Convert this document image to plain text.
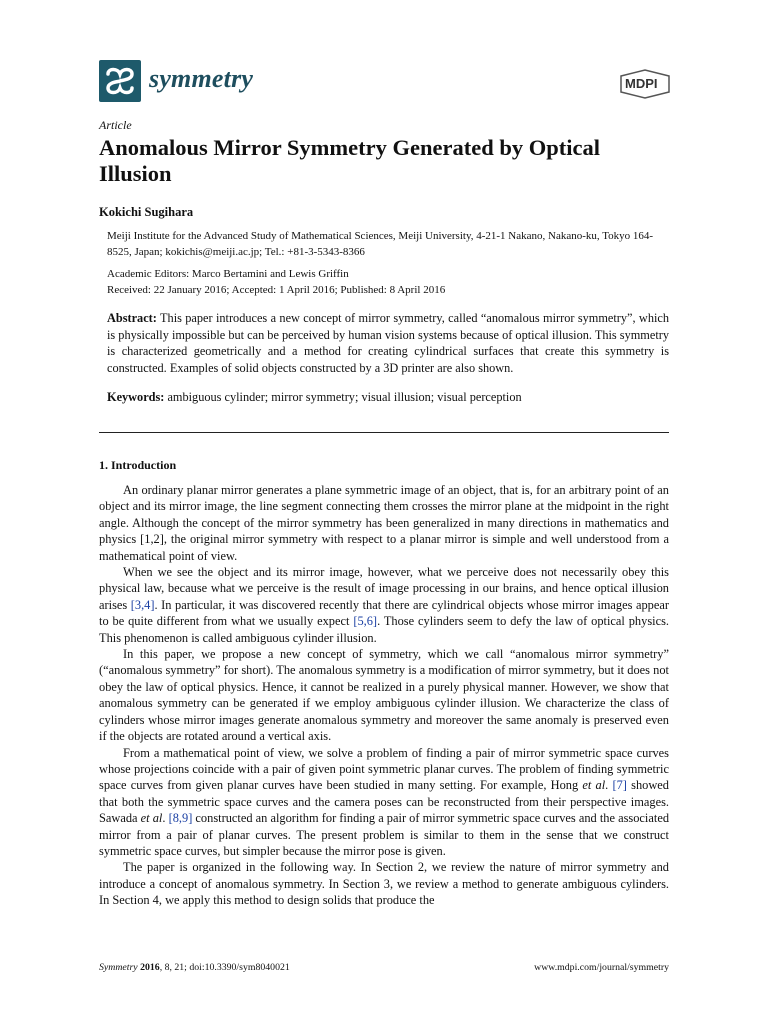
symmetry	MDPI

Article

Anomalous Mirror Symmetry Generated by Optical Illusion

Kokichi Sugihara

Meiji Institute for the Advanced Study of Mathematical Sciences, Meiji University, 4-21-1 Nakano, Nakano-ku, Tokyo 164-8525, Japan; kokichis@meiji.ac.jp; Tel.: +81-3-5343-8366

Academic Editors: Marco Bertamini and Lewis Griffin
Received: 22 January 2016; Accepted: 1 April 2016; Published: 8 April 2016

Abstract: This paper introduces a new concept of mirror symmetry, called “anomalous mirror symmetry”, which is physically impossible but can be perceived by human vision systems because of optical illusion. This symmetry is characterized geometrically and a method for creating cylindrical surfaces that create this symmetry is constructed. Examples of solid objects constructed by a 3D printer are also shown.

Keywords: ambiguous cylinder; mirror symmetry; visual illusion; visual perception

1. Introduction

An ordinary planar mirror generates a plane symmetric image of an object, that is, for an arbitrary point of an object and its mirror image, the line segment connecting them crosses the mirror plane at the midpoint in the right angle. Although the concept of the mirror symmetry has been generalized in many directions in mathematics and physics [1,2], the original mirror symmetry with respect to a planar mirror is simple and well understood from a mathematical point of view.

When we see the object and its mirror image, however, what we perceive does not necessarily obey this physical law, because what we perceive is the result of image processing in our brains, and hence optical illusion arises [3,4]. In particular, it was discovered recently that there are cylindrical objects whose mirror images appear to be quite different from what we usually expect [5,6]. Those cylinders seem to defy the law of optical physics. This phenomenon is called ambiguous cylinder illusion.

In this paper, we propose a new concept of symmetry, which we call “anomalous mirror symmetry” (“anomalous symmetry” for short). The anomalous symmetry is a modification of mirror symmetry, but it does not obey the law of optical physics. Hence, it cannot be realized in a purely physical manner. However, we show that anomalous symmetry can be generated if we employ ambiguous cylinder illusion. We characterize the class of cylinders whose mirror images generate anomalous symmetry and moreover the same anomaly is preserved even if the objects are rotated around a vertical axis.

From a mathematical point of view, we solve a problem of finding a pair of mirror symmetric space curves whose projections coincide with a pair of given point symmetric planar curves. The problem of finding symmetric space curves from given planar curves have been studied in many setting. For example, Hong et al. [7] showed that both the symmetric space curves and the camera poses can be reconstructed from their perspective images. Sawada et al. [8,9] constructed an algorithm for finding a pair of mirror symmetric space curves and the associated mirror from a pair of planar curves. The present problem is similar to them in the sense that we construct symmetric space curves, but simpler because the mirror pose is given.

The paper is organized in the following way. In Section 2, we review the nature of mirror symmetry and introduce a concept of anomalous symmetry. In Section 3, we review a method to generate ambiguous cylinders. In Section 4, we apply this method to design solids that produce the

Symmetry 2016, 8, 21; doi:10.3390/sym8040021	www.mdpi.com/journal/symmetry
